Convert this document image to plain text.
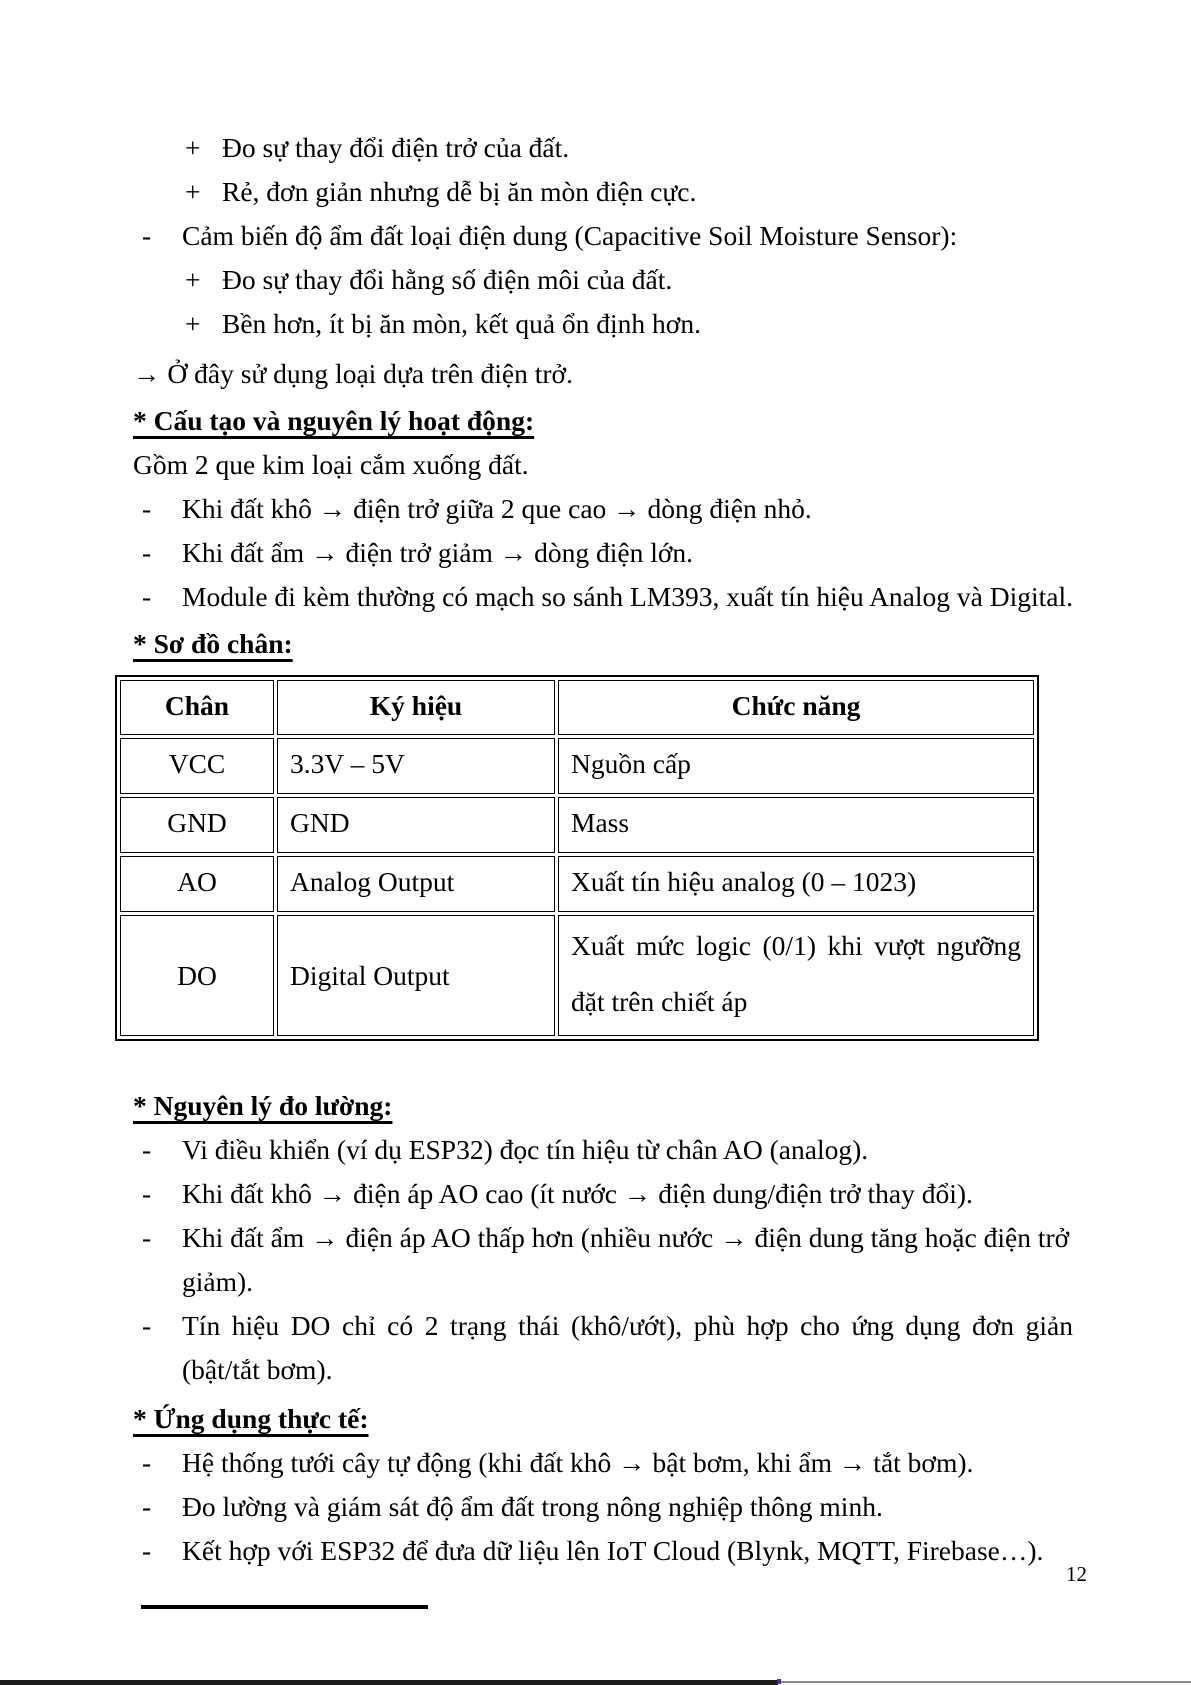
+ Đo sự thay đổi điện trở của đất.
+ Rẻ, đơn giản nhưng dễ bị ăn mòn điện cực.
-	Cảm biến độ ẩm đất loại điện dung (Capacitive Soil Moisture Sensor):
+ Đo sự thay đổi hằng số điện môi của đất.
+ Bền hơn, ít bị ăn mòn, kết quả ổn định hơn.
→ Ở đây sử dụng loại dựa trên điện trở.
* Cấu tạo và nguyên lý hoạt động:
Gồm 2 que kim loại cắm xuống đất.
-	Khi đất khô → điện trở giữa 2 que cao → dòng điện nhỏ.
-	Khi đất ẩm → điện trở giảm → dòng điện lớn.
-	Module đi kèm thường có mạch so sánh LM393, xuất tín hiệu Analog và Digital.
* Sơ đồ chân:
Chân	Ký hiệu	Chức năng
VCC	3.3V – 5V	Nguồn cấp
GND	GND	Mass
AO	Analog Output	Xuất tín hiệu analog (0 – 1023)
DO	Digital Output	Xuất mức logic (0/1) khi vượt ngưỡng đặt trên chiết áp
* Nguyên lý đo lường:
-	Vi điều khiển (ví dụ ESP32) đọc tín hiệu từ chân AO (analog).
-	Khi đất khô → điện áp AO cao (ít nước → điện dung/điện trở thay đổi).
-	Khi đất ẩm → điện áp AO thấp hơn (nhiều nước → điện dung tăng hoặc điện trở giảm).
-	Tín hiệu DO chỉ có 2 trạng thái (khô/ướt), phù hợp cho ứng dụng đơn giản (bật/tắt bơm).
* Ứng dụng thực tế:
-	Hệ thống tưới cây tự động (khi đất khô → bật bơm, khi ẩm → tắt bơm).
-	Đo lường và giám sát độ ẩm đất trong nông nghiệp thông minh.
-	Kết hợp với ESP32 để đưa dữ liệu lên IoT Cloud (Blynk, MQTT, Firebase…).
12
